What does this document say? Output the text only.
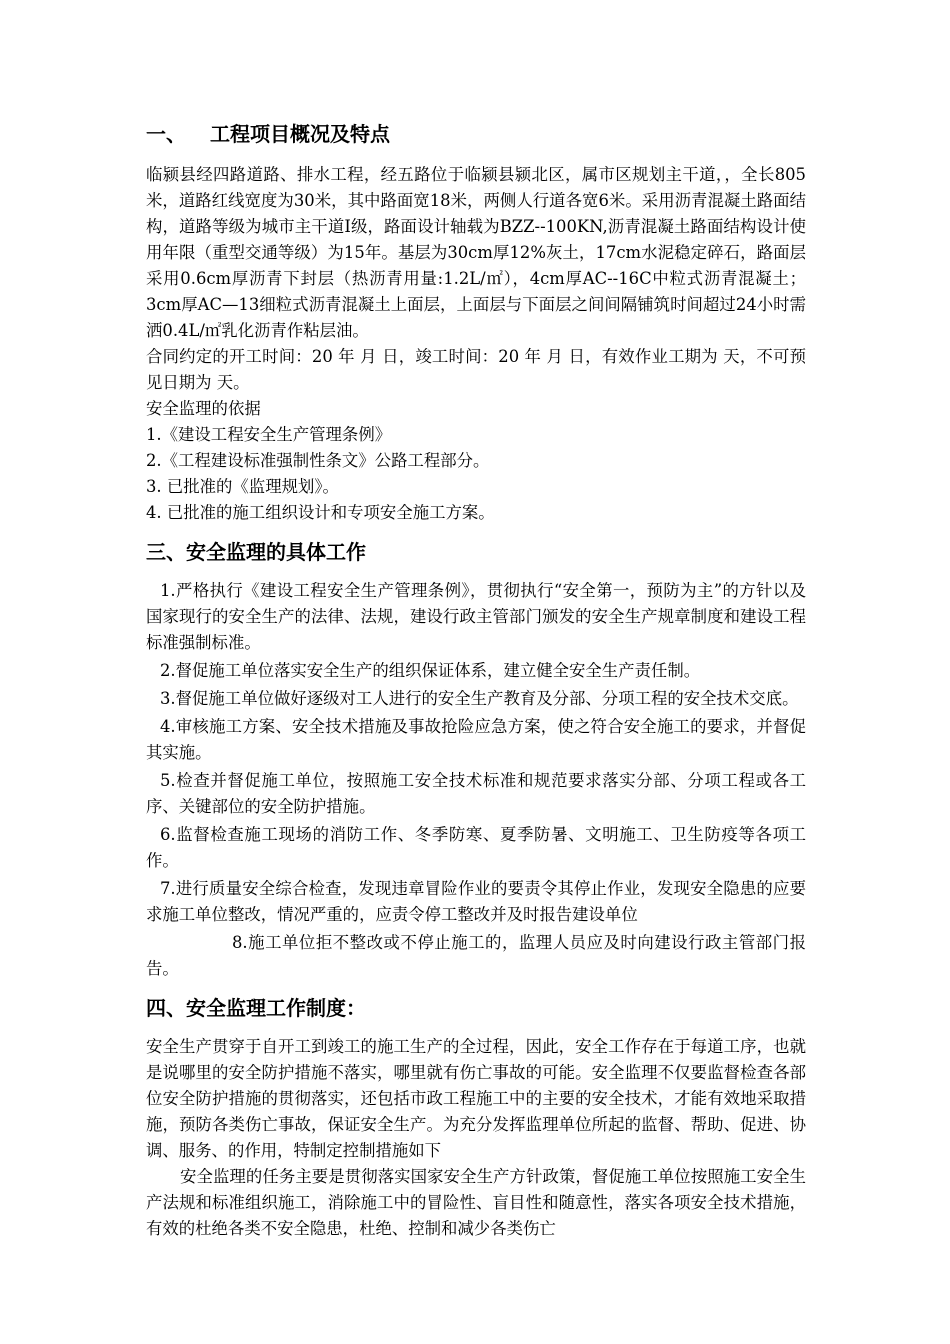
一、 工程项目概况及特点

临颍县经四路道路、排水工程，经五路位于临颍县颍北区，属市区规划主干道，，全长805米，道路红线宽度为30米，其中路面宽18米，两侧人行道各宽6米。采用沥青混凝土路面结构，道路等级为城市主干道Ⅰ级，路面设计轴载为BZZ--100KN,沥青混凝土路面结构设计使用年限（重型交通等级）为15年。基层为30cm厚12%灰土，17cm水泥稳定碎石，路面层采用0.6cm厚沥青下封层（热沥青用量:1.2L/㎡），4cm厚AC--16C中粒式沥青混凝土；3cm厚AC—13细粒式沥青混凝土上面层，上面层与下面层之间间隔铺筑时间超过24小时需洒0.4L/㎡乳化沥青作粘层油。

合同约定的开工时间：20 年 月 日，竣工时间：20 年 月 日，有效作业工期为 天，不可预见日期为 天。

安全监理的依据

1.《建设工程安全生产管理条例》

2.《工程建设标准强制性条文》公路工程部分。

3. 已批准的《监理规划》。

4. 已批准的施工组织设计和专项安全施工方案。

三、安全监理的具体工作

1.严格执行《建设工程安全生产管理条例》，贯彻执行“安全第一，预防为主”的方针以及国家现行的安全生产的法律、法规，建设行政主管部门颁发的安全生产规章制度和建设工程标准强制标准。

2.督促施工单位落实安全生产的组织保证体系，建立健全安全生产责任制。

3.督促施工单位做好逐级对工人进行的安全生产教育及分部、分项工程的安全技术交底。

4.审核施工方案、安全技术措施及事故抢险应急方案，使之符合安全施工的要求，并督促其实施。

5.检查并督促施工单位，按照施工安全技术标准和规范要求落实分部、分项工程或各工序、关键部位的安全防护措施。

6.监督检查施工现场的消防工作、冬季防寒、夏季防暑、文明施工、卫生防疫等各项工作。

7.进行质量安全综合检查，发现违章冒险作业的要责令其停止作业，发现安全隐患的应要求施工单位整改，情况严重的，应责令停工整改并及时报告建设单位

8.施工单位拒不整改或不停止施工的，监理人员应及时向建设行政主管部门报告。

四、安全监理工作制度：

安全生产贯穿于自开工到竣工的施工生产的全过程，因此，安全工作存在于每道工序，也就是说哪里的安全防护措施不落实，哪里就有伤亡事故的可能。安全监理不仅要监督检查各部位安全防护措施的贯彻落实，还包括市政工程施工中的主要的安全技术，才能有效地采取措施，预防各类伤亡事故，保证安全生产。为充分发挥监理单位所起的监督、帮助、促进、协调、服务、的作用，特制定控制措施如下

安全监理的任务主要是贯彻落实国家安全生产方针政策，督促施工单位按照施工安全生产法规和标准组织施工，消除施工中的冒险性、盲目性和随意性，落实各项安全技术措施，有效的杜绝各类不安全隐患，杜绝、控制和减少各类伤亡
